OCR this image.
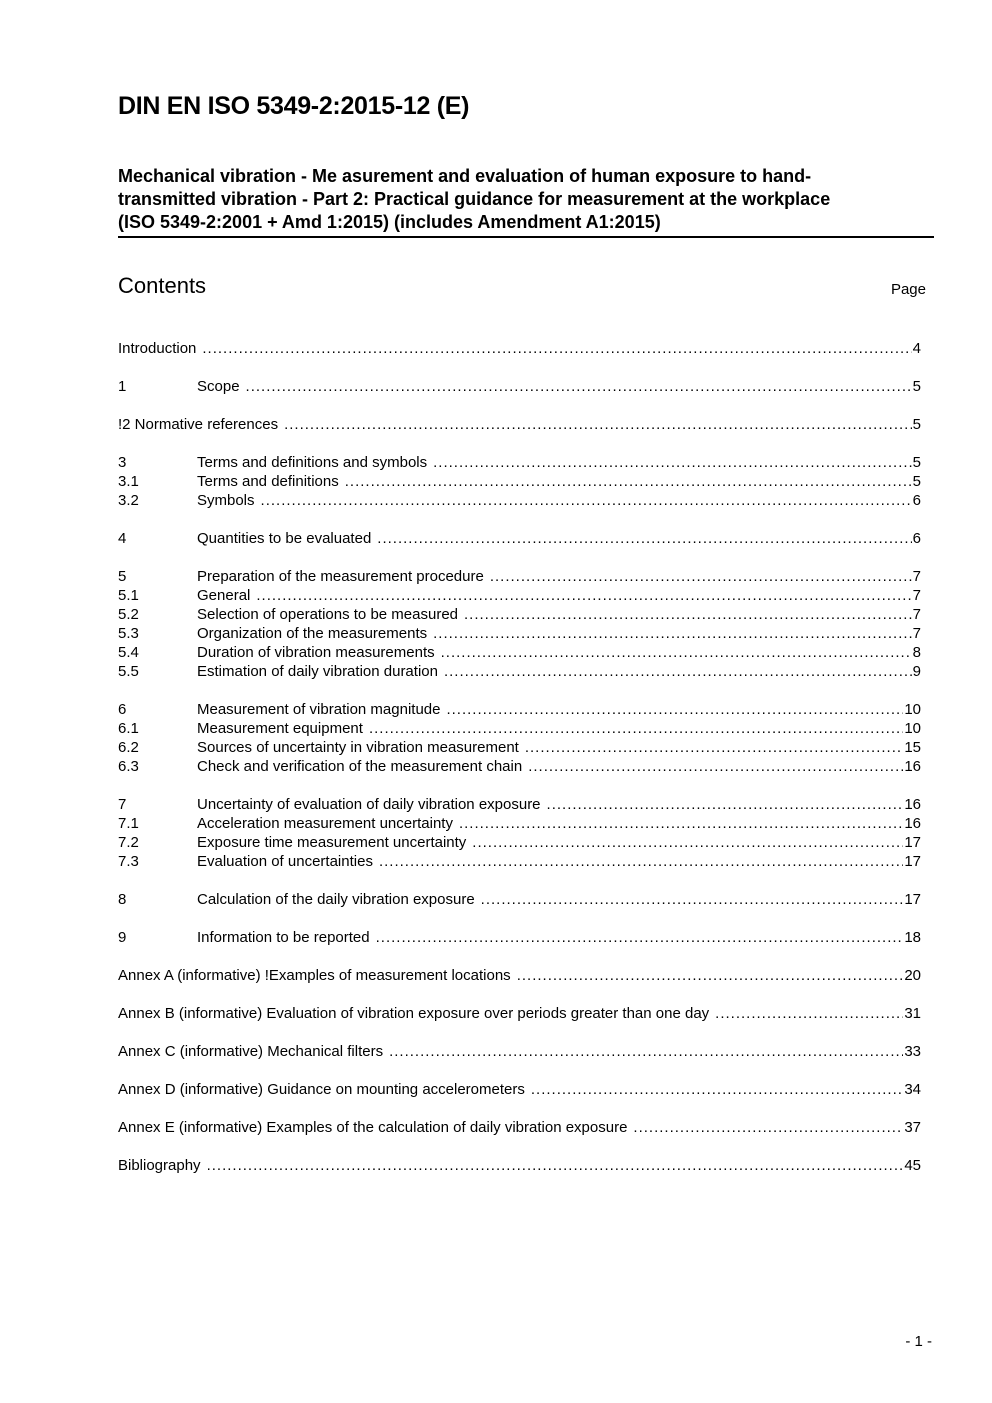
DIN EN ISO 5349-2:2015-12 (E)
Mechanical vibration - Me asurement and evaluation of human exposure to hand-
transmitted vibration - Part 2: Practical guidance for measurement at the workplace
(ISO 5349-2:2001 + Amd 1:2015) (includes Amendment A1:2015)
Contents	Page
Introduction .....	4
1	Scope .....	5
!2 Normative references .....	5
3	Terms and definitions and symbols .....	5
3.1	Terms and definitions .....	5
3.2	Symbols .....	6
4	Quantities to be evaluated .....	6
5	Preparation of the measurement procedure .....	7
5.1	General .....	7
5.2	Selection of operations to be measured .....	7
5.3	Organization of the measurements .....	7
5.4	Duration of vibration measurements .....	8
5.5	Estimation of daily vibration duration .....	9
6	Measurement of vibration magnitude .....	10
6.1	Measurement equipment .....	10
6.2	Sources of uncertainty in vibration measurement .....	15
6.3	Check and verification of the measurement chain .....	16
7	Uncertainty of evaluation of daily vibration exposure .....	16
7.1	Acceleration measurement uncertainty .....	16
7.2	Exposure time measurement uncertainty .....	17
7.3	Evaluation of uncertainties .....	17
8	Calculation of the daily vibration exposure .....	17
9	Information to be reported .....	18
Annex A (informative) !Examples of measurement locations .....	20
Annex B (informative) Evaluation of vibration exposure over periods greater than one day .....	31
Annex C (informative) Mechanical filters .....	33
Annex D (informative) Guidance on mounting accelerometers .....	34
Annex E (informative) Examples of the calculation of daily vibration exposure .....	37
Bibliography .....	45
- 1 -
